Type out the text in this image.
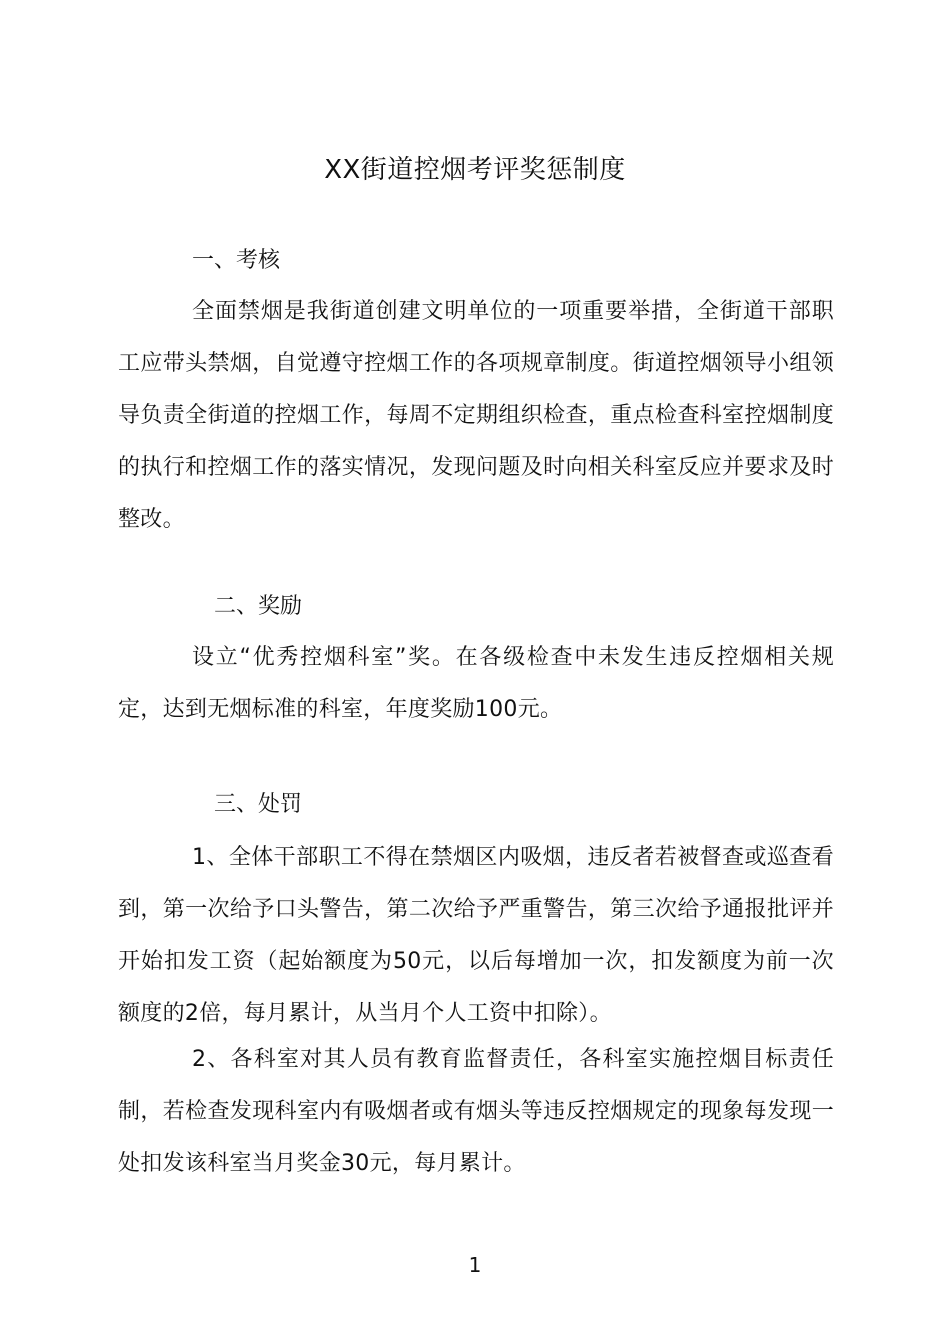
XX街道控烟考评奖惩制度
一、考核
全面禁烟是我街道创建文明单位的一项重要举措，全街道干部职工应带头禁烟，自觉遵守控烟工作的各项规章制度。街道控烟领导小组领导负责全街道的控烟工作，每周不定期组织检查，重点检查科室控烟制度的执行和控烟工作的落实情况，发现问题及时向相关科室反应并要求及时整改。
二、奖励
设立“优秀控烟科室”奖。在各级检查中未发生违反控烟相关规定，达到无烟标准的科室，年度奖励100元。
三、处罚
1、全体干部职工不得在禁烟区内吸烟，违反者若被督查或巡查看到，第一次给予口头警告，第二次给予严重警告，第三次给予通报批评并开始扣发工资（起始额度为50元，以后每增加一次，扣发额度为前一次额度的2倍，每月累计，从当月个人工资中扣除）。
2、各科室对其人员有教育监督责任，各科室实施控烟目标责任制，若检查发现科室内有吸烟者或有烟头等违反控烟规定的现象每发现一处扣发该科室当月奖金30元，每月累计。
1
